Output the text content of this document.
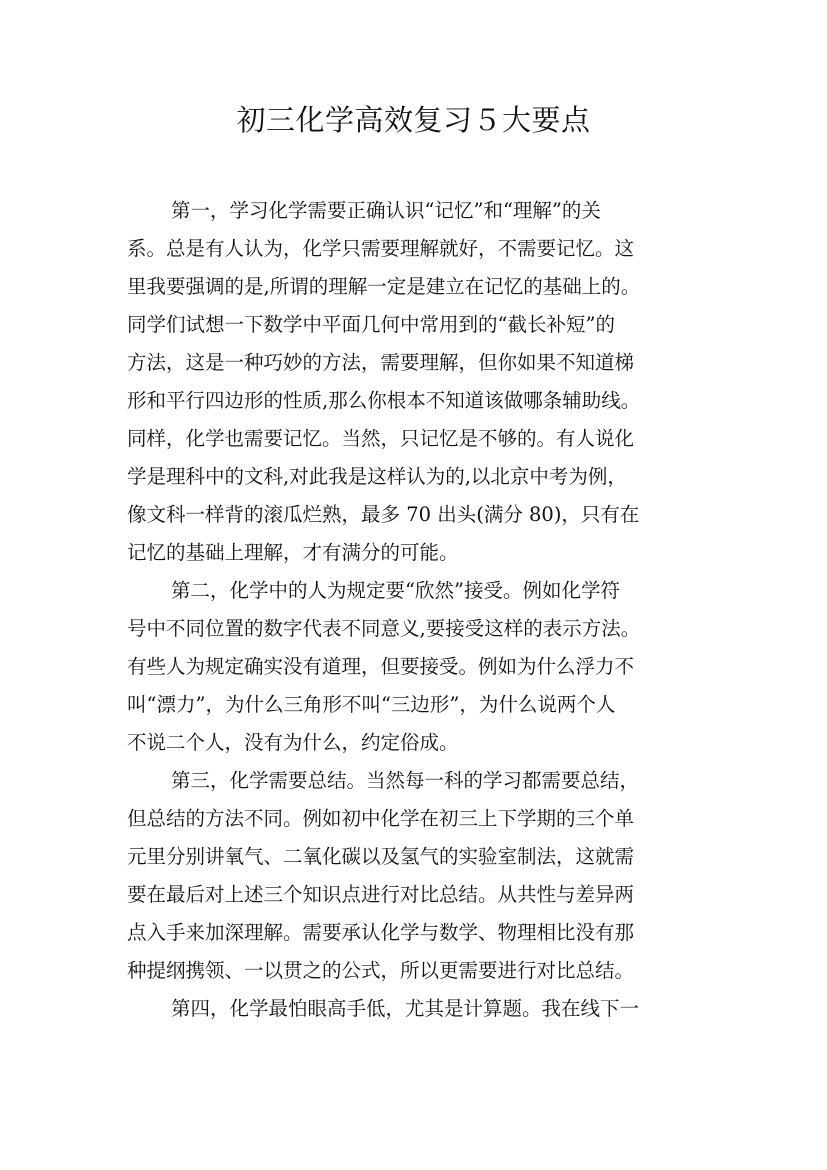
初三化学高效复习５大要点
第一，学习化学需要正确认识“记忆”和“理解”的关
系。总是有人认为，化学只需要理解就好，不需要记忆。这
里我要强调的是,所谓的理解一定是建立在记忆的基础上的。
同学们试想一下数学中平面几何中常用到的“截长补短”的
方法，这是一种巧妙的方法，需要理解，但你如果不知道梯
形和平行四边形的性质,那么你根本不知道该做哪条辅助线。
同样，化学也需要记忆。当然，只记忆是不够的。有人说化
学是理科中的文科,对此我是这样认为的,以北京中考为例，
像文科一样背的滚瓜烂熟，最多 70 出头(满分 80)，只有在
记忆的基础上理解，才有满分的可能。
第二，化学中的人为规定要“欣然”接受。例如化学符
号中不同位置的数字代表不同意义,要接受这样的表示方法。
有些人为规定确实没有道理，但要接受。例如为什么浮力不
叫“漂力”，为什么三角形不叫“三边形”，为什么说两个人
不说二个人，没有为什么，约定俗成。
第三，化学需要总结。当然每一科的学习都需要总结，
但总结的方法不同。例如初中化学在初三上下学期的三个单
元里分别讲氧气、二氧化碳以及氢气的实验室制法，这就需
要在最后对上述三个知识点进行对比总结。从共性与差异两
点入手来加深理解。需要承认化学与数学、物理相比没有那
种提纲携领、一以贯之的公式，所以更需要进行对比总结。
第四，化学最怕眼高手低，尤其是计算题。我在线下一
